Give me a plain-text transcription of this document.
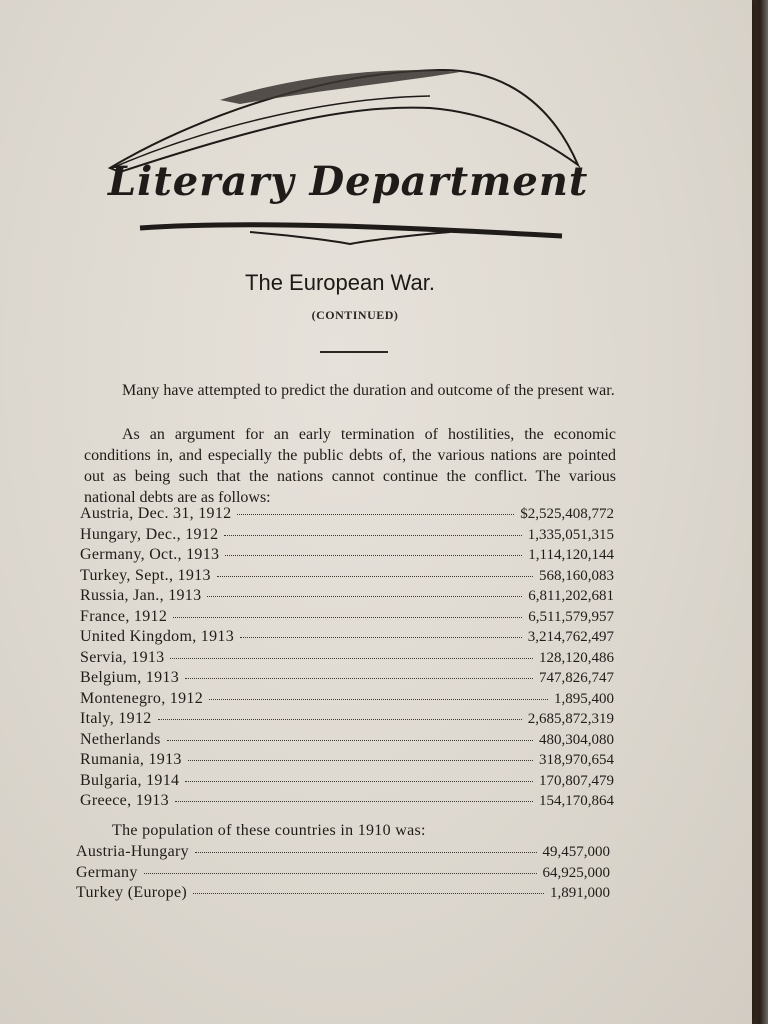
Literary Department
The European War.
(CONTINUED)

Many have attempted to predict the duration and outcome of the present war.

As an argument for an early termination of hostilities, the economic conditions in, and especially the public debts of, the various nations are pointed out as being such that the nations cannot continue the conflict. The various national debts are as follows:

Austria, Dec. 31, 1912	$2,525,408,772
Hungary, Dec., 1912	1,335,051,315
Germany, Oct., 1913	1,114,120,144
Turkey, Sept., 1913	568,160,083
Russia, Jan., 1913	6,811,202,681
France, 1912	6,511,579,957
United Kingdom, 1913	3,214,762,497
Servia, 1913	128,120,486
Belgium, 1913	747,826,747
Montenegro, 1912	1,895,400
Italy, 1912	2,685,872,319
Netherlands	480,304,080
Rumania, 1913	318,970,654
Bulgaria, 1914	170,807,479
Greece, 1913	154,170,864
The population of these countries in 1910 was:
Austria-Hungary	49,457,000
Germany	64,925,000
Turkey (Europe)	1,891,000
